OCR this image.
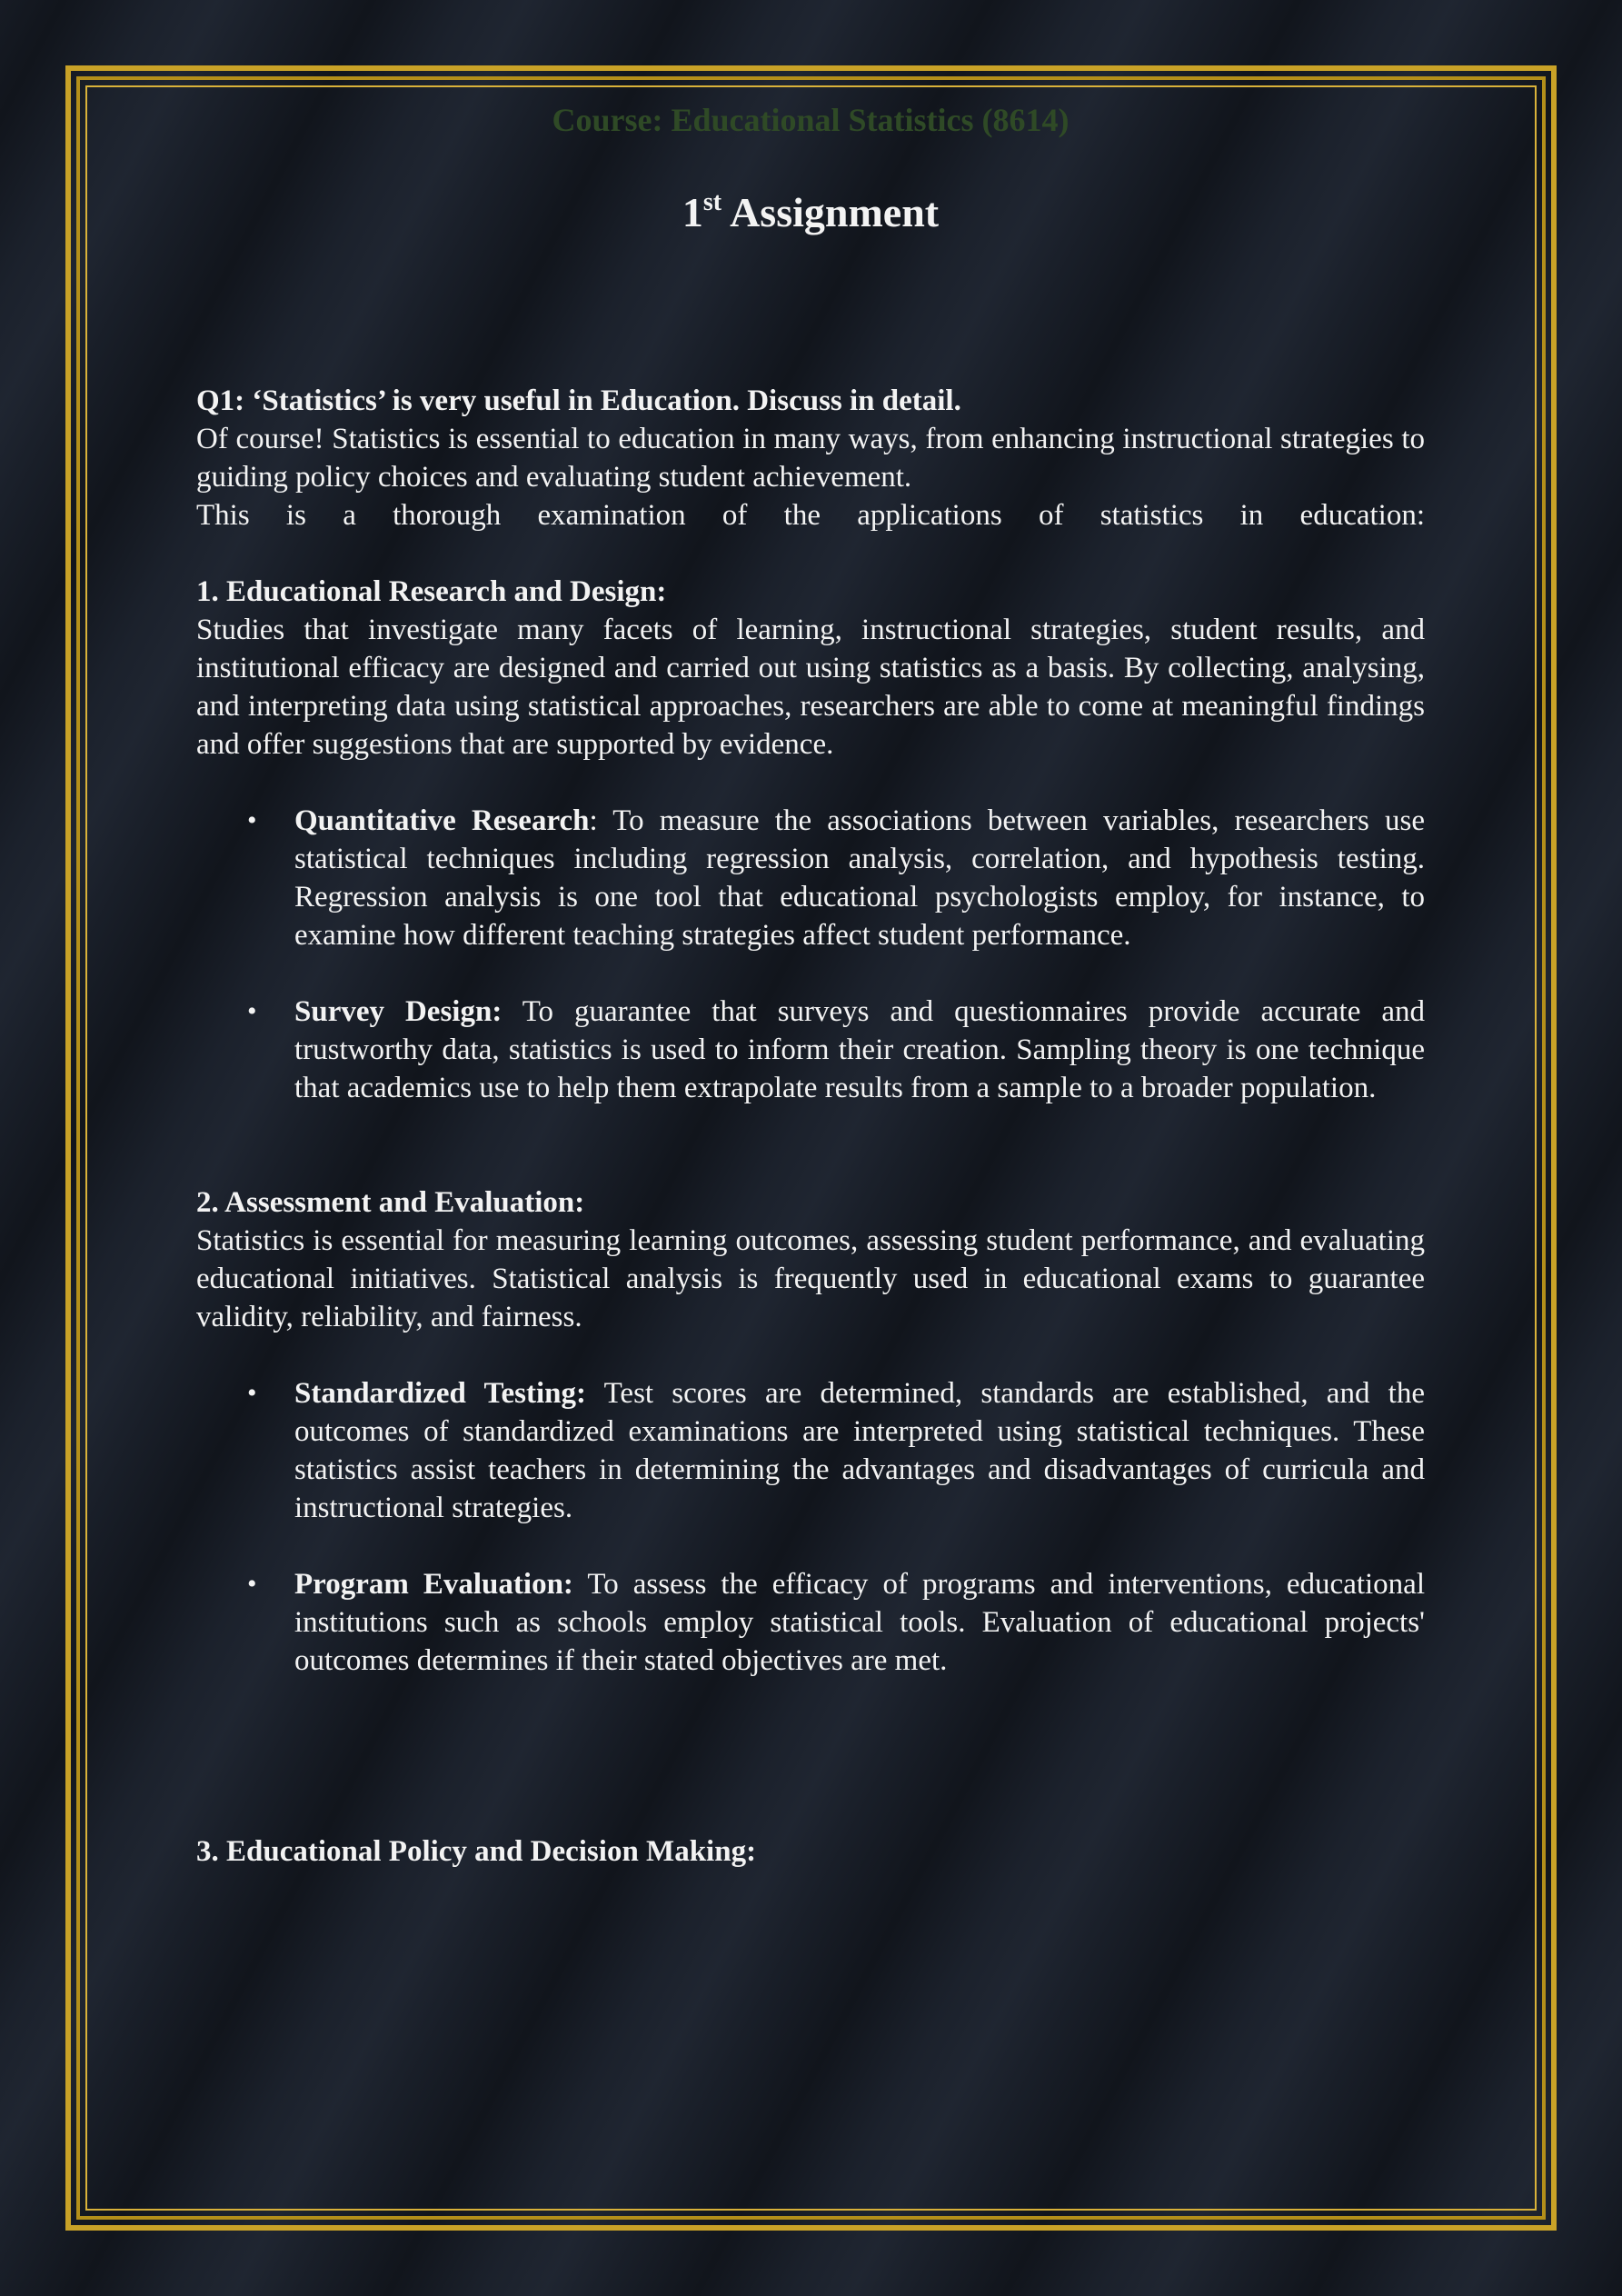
Course: Educational Statistics (8614)
1st Assignment
Q1: ‘Statistics’ is very useful in Education. Discuss in detail.

Of course! Statistics is essential to education in many ways, from enhancing instructional strategies to guiding policy choices and evaluating student achievement.

This is a thorough examination of the applications of statistics in education:

1. Educational Research and Design:

Studies that investigate many facets of learning, instructional strategies, student results, and institutional efficacy are designed and carried out using statistics as a basis. By collecting, analysing, and interpreting data using statistical approaches, researchers are able to come at meaningful findings and offer suggestions that are supported by evidence.

• Quantitative Research: To measure the associations between variables, researchers use statistical techniques including regression analysis, correlation, and hypothesis testing. Regression analysis is one tool that educational psychologists employ, for instance, to examine how different teaching strategies affect student performance.
• Survey Design: To guarantee that surveys and questionnaires provide accurate and trustworthy data, statistics is used to inform their creation. Sampling theory is one technique that academics use to help them extrapolate results from a sample to a broader population.
2. Assessment and Evaluation:

Statistics is essential for measuring learning outcomes, assessing student performance, and evaluating educational initiatives. Statistical analysis is frequently used in educational exams to guarantee validity, reliability, and fairness.

• Standardized Testing: Test scores are determined, standards are established, and the outcomes of standardized examinations are interpreted using statistical techniques. These statistics assist teachers in determining the advantages and disadvantages of curricula and instructional strategies.
• Program Evaluation: To assess the efficacy of programs and interventions, educational institutions such as schools employ statistical tools. Evaluation of educational projects' outcomes determines if their stated objectives are met.
3. Educational Policy and Decision Making:
